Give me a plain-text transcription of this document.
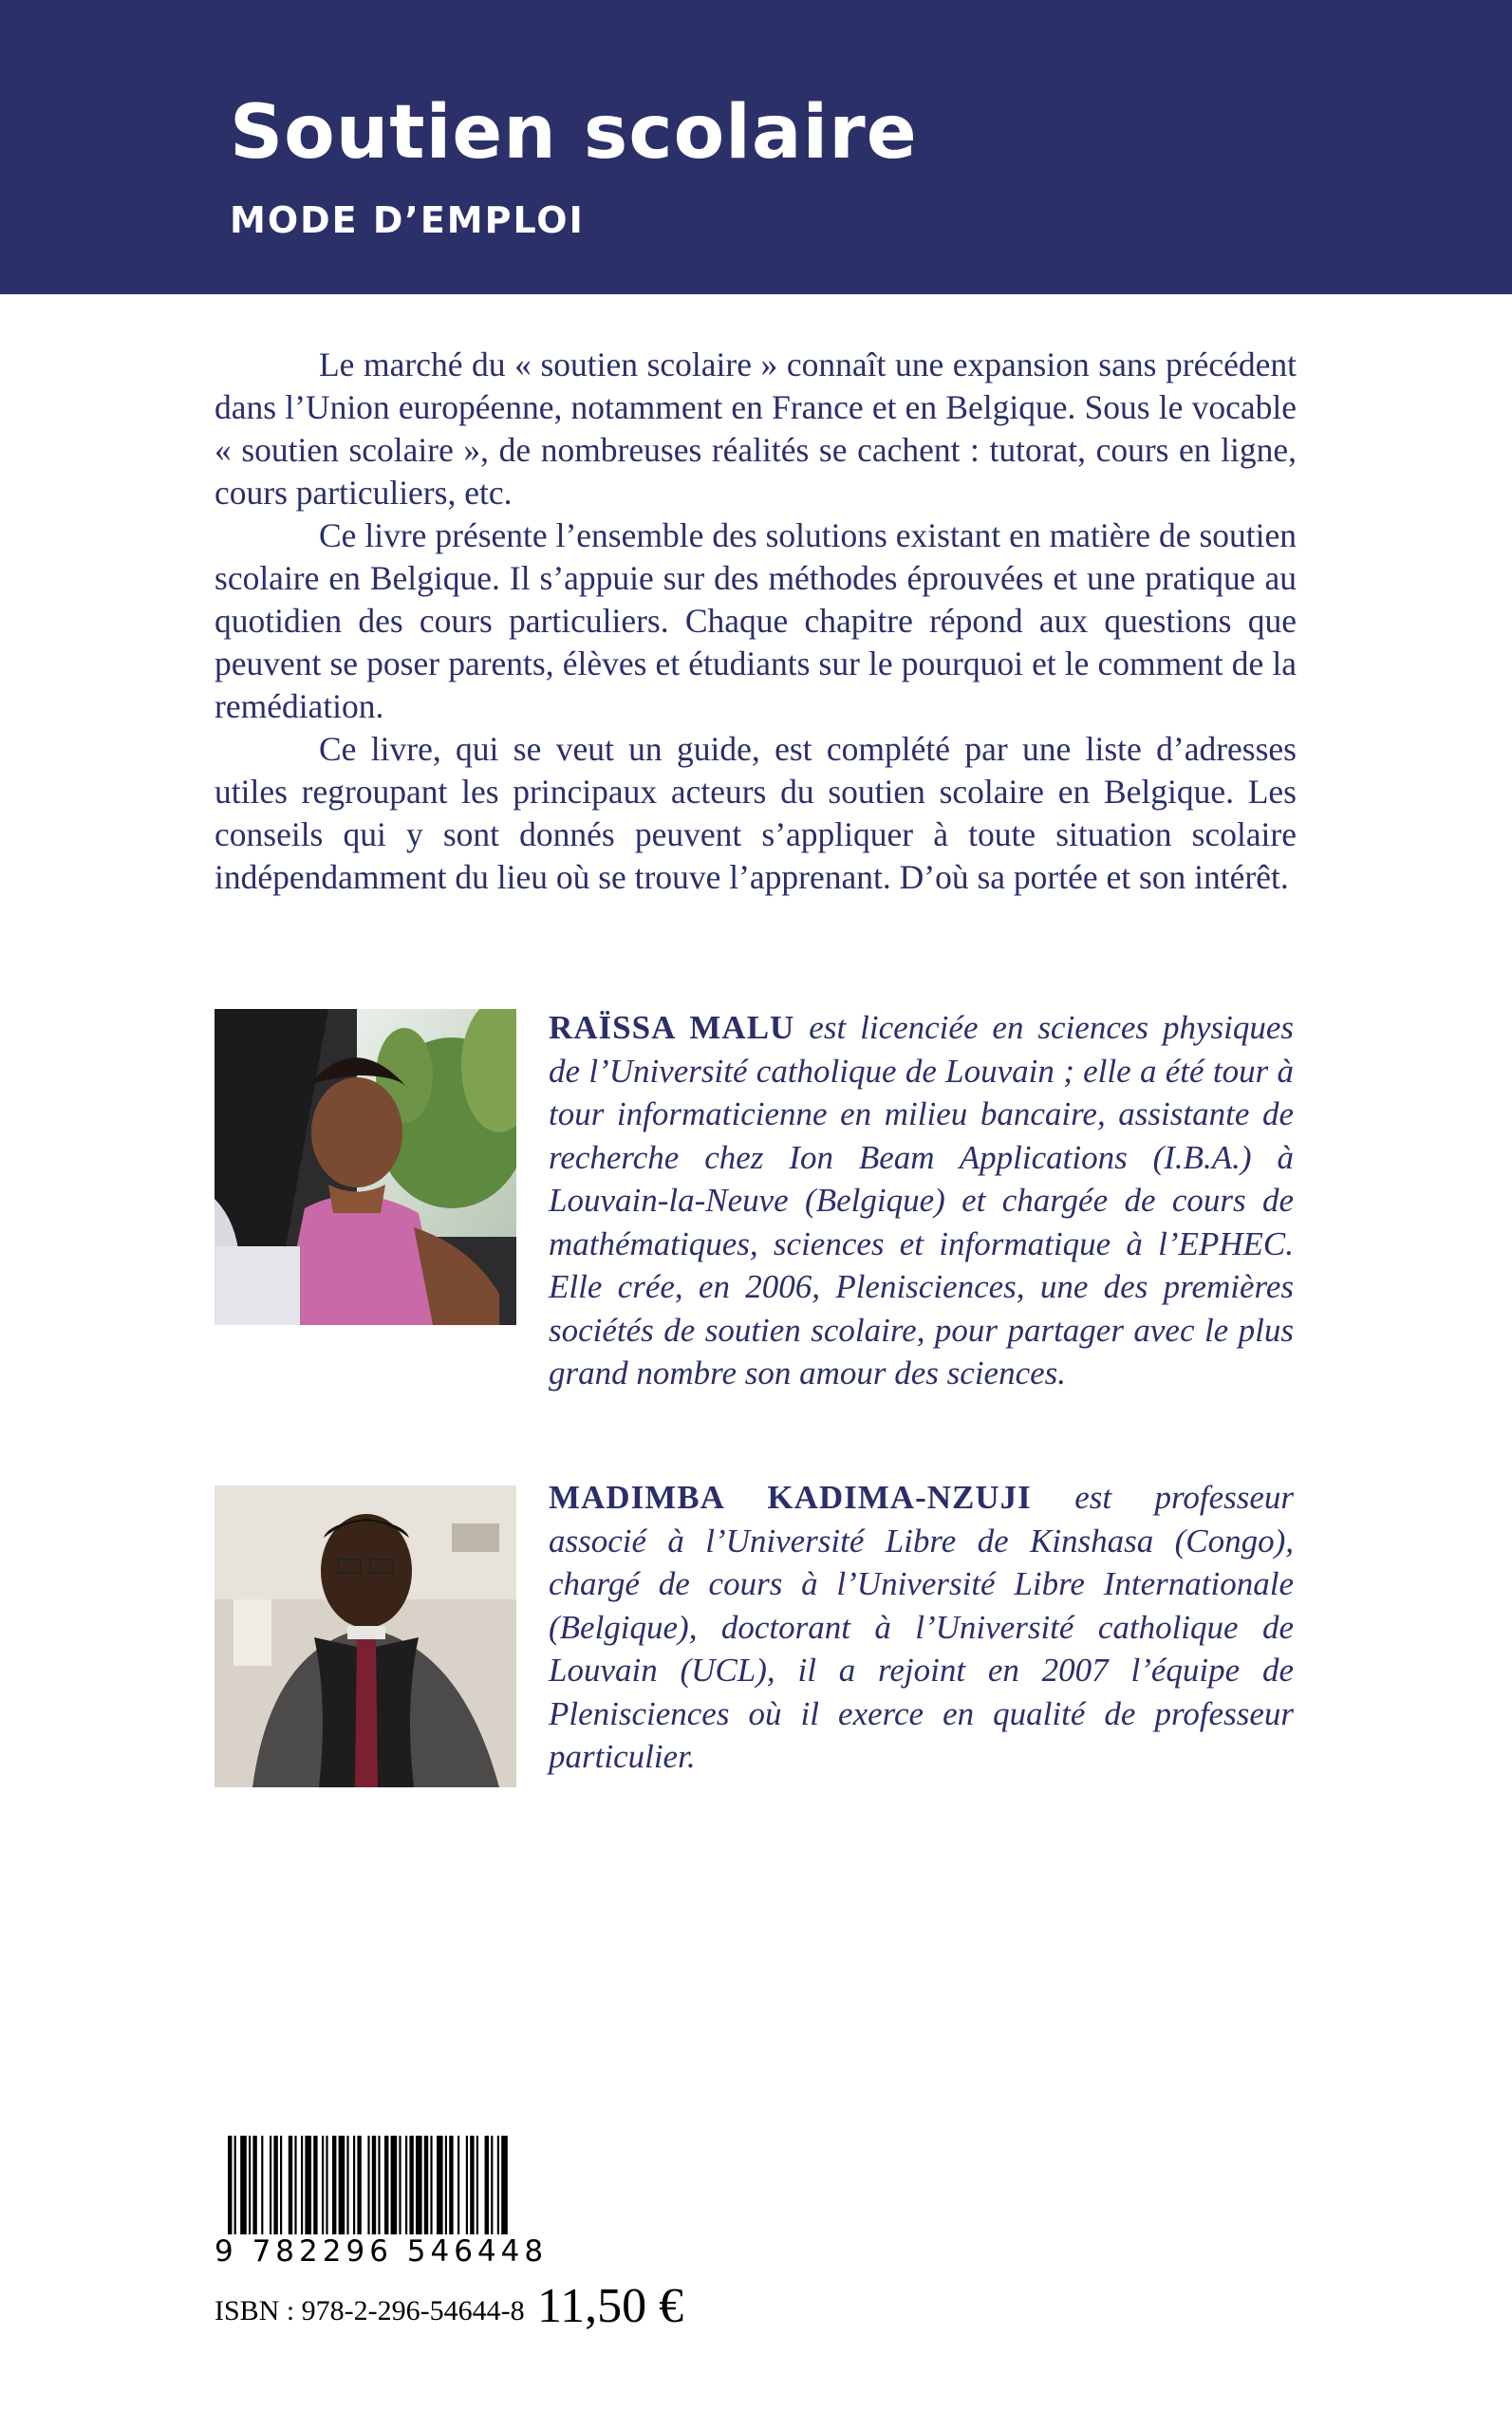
Soutien scolaire
MODE D’EMPLOI

Le marché du « soutien scolaire » connaît une expansion sans précédent dans l’Union européenne, notamment en France et en Belgique. Sous le vocable « soutien scolaire », de nombreuses réalités se cachent : tutorat, cours en ligne, cours particuliers, etc.

Ce livre présente l’ensemble des solutions existant en matière de soutien scolaire en Belgique. Il s’appuie sur des méthodes éprouvées et une pratique au quotidien des cours particuliers. Chaque chapitre répond aux questions que peuvent se poser parents, élèves et étudiants sur le pourquoi et le comment de la remédiation.

Ce livre, qui se veut un guide, est complété par une liste d’adresses utiles regroupant les principaux acteurs du soutien scolaire en Belgique. Les conseils qui y sont donnés peuvent s’appliquer à toute situation scolaire indépendamment du lieu où se trouve l’apprenant. D’où sa portée et son intérêt.

RAÏSSA MALU est licenciée en sciences physiques de l’Université catholique de Louvain ; elle a été tour à tour informaticienne en milieu bancaire, assistante de recherche chez Ion Beam Applications (I.B.A.) à Louvain-la-Neuve (Belgique) et chargée de cours de mathématiques, sciences et informatique à l’EPHEC. Elle crée, en 2006, Plenisciences, une des premières sociétés de soutien scolaire, pour partager avec le plus grand nombre son amour des sciences.
MADIMBA KADIMA-NZUJI est professeur associé à l’Université Libre de Kinshasa (Congo), chargé de cours à l’Université Libre Internationale (Belgique), doctorant à l’Université catholique de Louvain (UCL), il a rejoint en 2007 l’équipe de Plenisciences où il exerce en qualité de professeur particulier.
9 782296 546448
ISBN : 978-2-296-54644-8 11,50 €
